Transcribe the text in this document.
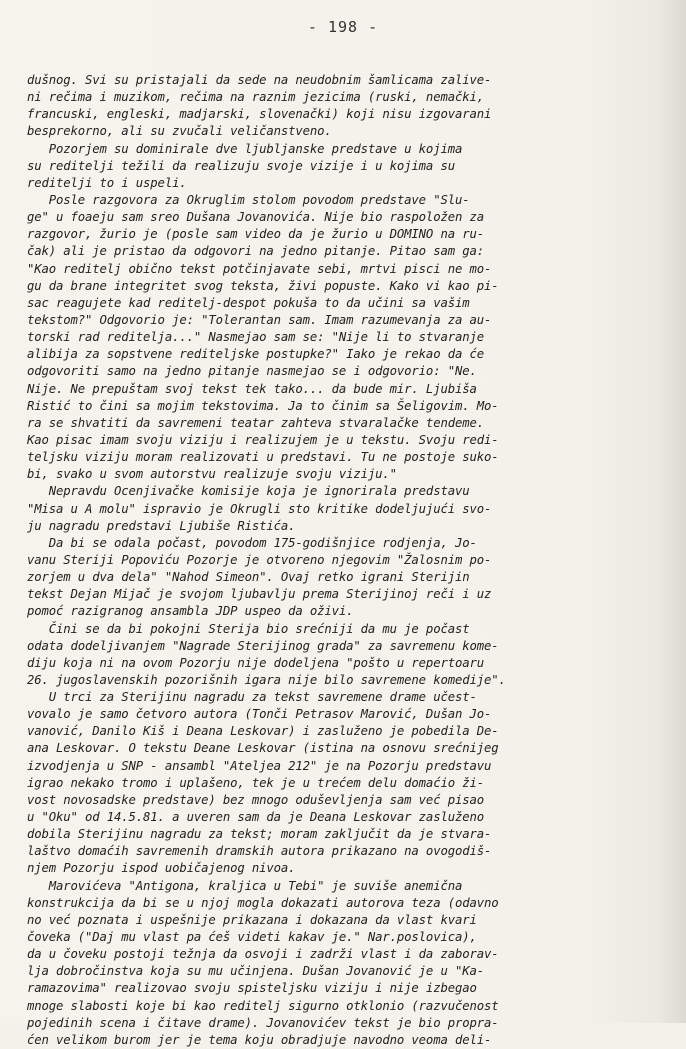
- 198 -
dušnog. Svi su pristajali da sede na neudobnim šamlicama zalive-
ni rečima i muzikom, rečima na raznim jezicima (ruski, nemački,
francuski, engleski, madjarski, slovenački) koji nisu izgovarani
besprekorno, ali su zvučali veličanstveno.
Pozorjem su dominirale dve ljubljanske predstave u kojima
su reditelji težili da realizuju svoje vizije i u kojima su
reditelji to i uspeli.
Posle razgovora za Okruglim stolom povodom predstave "Slu-
ge" u foaeju sam sreo Dušana Jovanovića. Nije bio raspoložen za
razgovor, žurio je (posle sam video da je žurio u DOMINO na ru-
čak) ali je pristao da odgovori na jedno pitanje. Pitao sam ga:
"Kao reditelj obično tekst potčinjavate sebi, mrtvi pisci ne mo-
gu da brane integritet svog teksta, živi popuste. Kako vi kao pi-
sac reagujete kad reditelj-despot pokuša to da učini sa vašim
tekstom?" Odgovorio je: "Tolerantan sam. Imam razumevanja za au-
torski rad reditelja..." Nasmejao sam se: "Nije li to stvaranje
alibija za sopstvene rediteljske postupke?" Iako je rekao da će
odgovoriti samo na jedno pitanje nasmejao se i odgovorio: "Ne.
Nije. Ne prepuštam svoj tekst tek tako... da bude mir. Ljubiša
Ristić to čini sa mojim tekstovima. Ja to činim sa Šeligovim. Mo-
ra se shvatiti da savremeni teatar zahteva stvaralačke tendeme.
Kao pisac imam svoju viziju i realizujem je u tekstu. Svoju redi-
teljsku viziju moram realizovati u predstavi. Tu ne postoje suko-
bi, svako u svom autorstvu realizuje svoju viziju."
Nepravdu Ocenjivačke komisije koja je ignorirala predstavu
"Misa u A molu" ispravio je Okrugli sto kritike dodeljujući svo-
ju nagradu predstavi Ljubiše Ristića.
Da bi se odala počast, povodom 175-godišnjice rodjenja, Jo-
vanu Steriji Popoviću Pozorje je otvoreno njegovim "Žalosnim po-
zorjem u dva dela" "Nahod Simeon". Ovaj retko igrani Sterijin
tekst Dejan Mijač je svojom ljubavlju prema Sterijinoj reči i uz
pomoć razigranog ansambla JDP uspeo da oživi.
Čini se da bi pokojni Sterija bio srećniji da mu je počast
odata dodeljivanjem "Nagrade Sterijinog grada" za savremenu kome-
diju koja ni na ovom Pozorju nije dodeljena "pošto u repertoaru
26. jugoslavenskih pozorišnih igara nije bilo savremene komedije".
U trci za Sterijinu nagradu za tekst savremene drame učest-
vovalo je samo četvoro autora (Tonči Petrasov Marović, Dušan Jo-
vanović, Danilo Kiš i Deana Leskovar) i zasluženo je pobedila De-
ana Leskovar. O tekstu Deane Leskovar (istina na osnovu srećnijeg
izvodjenja u SNP - ansambl "Ateljea 212" je na Pozorju predstavu
igrao nekako tromo i uplašeno, tek je u trećem delu domaćio ži-
vost novosadske predstave) bez mnogo oduševljenja sam već pisao
u "Oku" od 14.5.81. a uveren sam da je Deana Leskovar zasluženo
dobila Sterijinu nagradu za tekst; moram zaključit da je stvara-
laštvo domaćih savremenih dramskih autora prikazano na ovogodiš-
njem Pozorju ispod uobičajenog nivoa.
Marovićeva "Antigona, kraljica u Tebi" je suviše anemična
konstrukcija da bi se u njoj mogla dokazati autorova teza (odavno
no već poznata i uspešnije prikazana i dokazana da vlast kvari
čoveka ("Daj mu vlast pa ćeš videti kakav je." Nar.poslovica),
da u čoveku postoji težnja da osvoji i zadrži vlast i da zaborav-
lja dobročinstva koja su mu učinjena. Dušan Jovanović je u "Ka-
ramazovima" realizovao svoju spisteljsku viziju i nije izbegao
mnoge slabosti koje bi kao reditelj sigurno otklonio (razvučenost
pojedinih scena i čitave drame). Jovanovićev tekst je bio propra-
ćen velikom burom jer je tema koju obradjuje navodno veoma deli-
